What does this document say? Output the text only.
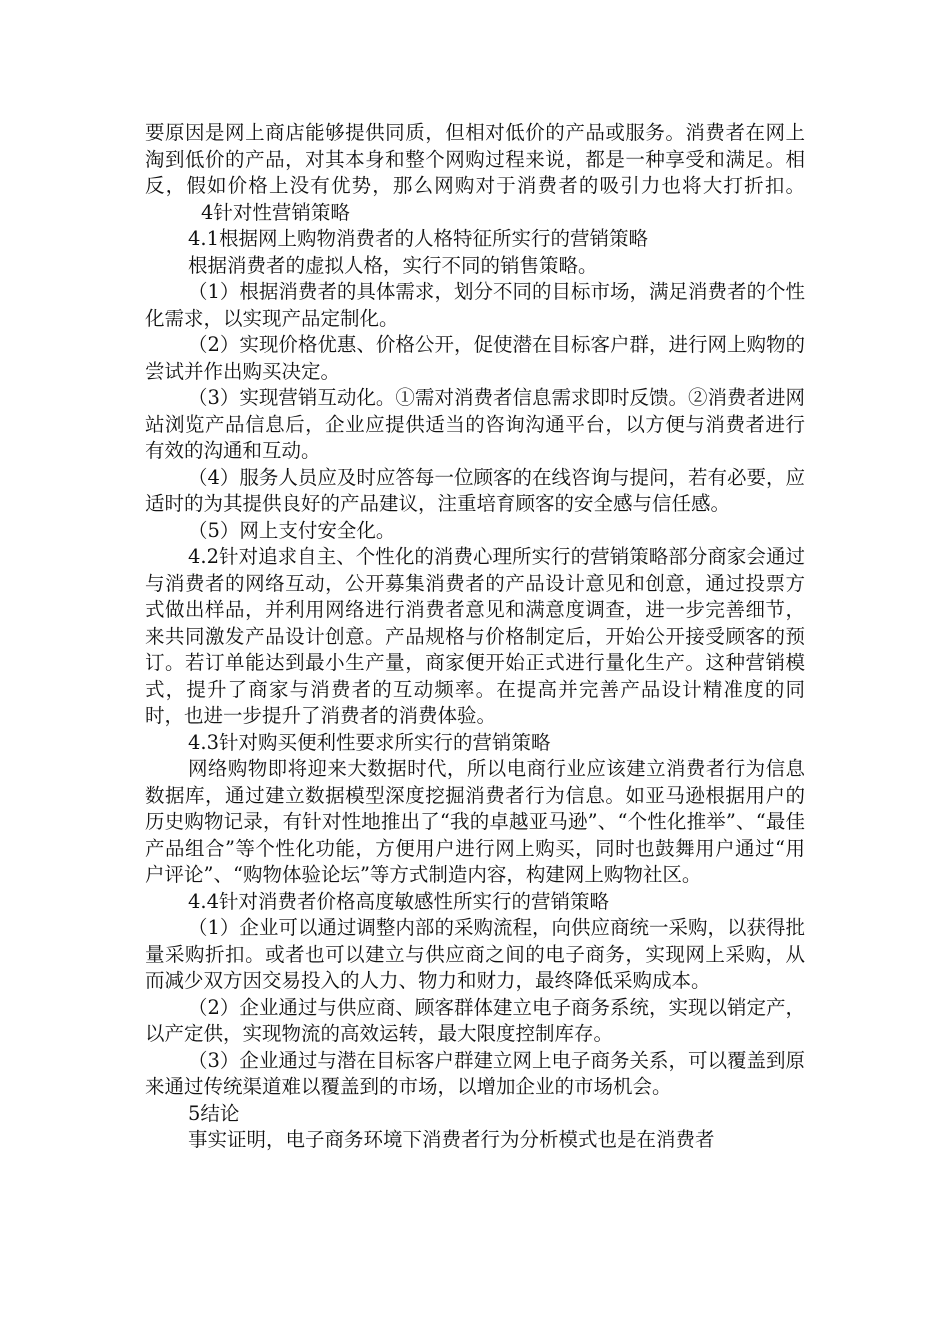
要原因是网上商店能够提供同质，但相对低价的产品或服务。消费者在网上淘到低价的产品，对其本身和整个网购过程来说，都是一种享受和满足。相反，假如价格上没有优势，那么网购对于消费者的吸引力也将大打折扣。4针对性营销策略

4.1根据网上购物消费者的人格特征所实行的营销策略

根据消费者的虚拟人格，实行不同的销售策略。

（1）根据消费者的具体需求，划分不同的目标市场，满足消费者的个性化需求，以实现产品定制化。

（2）实现价格优惠、价格公开，促使潜在目标客户群，进行网上购物的尝试并作出购买决定。

（3）实现营销互动化。①需对消费者信息需求即时反馈。②消费者进网站浏览产品信息后，企业应提供适当的咨询沟通平台，以方便与消费者进行有效的沟通和互动。

（4）服务人员应及时应答每一位顾客的在线咨询与提问，若有必要，应适时的为其提供良好的产品建议，注重培育顾客的安全感与信任感。

（5）网上支付安全化。

4.2针对追求自主、个性化的消费心理所实行的营销策略部分商家会通过与消费者的网络互动，公开募集消费者的产品设计意见和创意，通过投票方式做出样品，并利用网络进行消费者意见和满意度调查，进一步完善细节，来共同激发产品设计创意。产品规格与价格制定后，开始公开接受顾客的预订。若订单能达到最小生产量，商家便开始正式进行量化生产。这种营销模式，提升了商家与消费者的互动频率。在提高并完善产品设计精准度的同时，也进一步提升了消费者的消费体验。

4.3针对购买便利性要求所实行的营销策略

网络购物即将迎来大数据时代，所以电商行业应该建立消费者行为信息数据库，通过建立数据模型深度挖掘消费者行为信息。如亚马逊根据用户的历史购物记录，有针对性地推出了“我的卓越亚马逊”、“个性化推举”、“最佳产品组合”等个性化功能，方便用户进行网上购买，同时也鼓舞用户通过“用户评论”、“购物体验论坛”等方式制造内容，构建网上购物社区。

4.4针对消费者价格高度敏感性所实行的营销策略

（1）企业可以通过调整内部的采购流程，向供应商统一采购，以获得批量采购折扣。或者也可以建立与供应商之间的电子商务，实现网上采购，从而减少双方因交易投入的人力、物力和财力，最终降低采购成本。

（2）企业通过与供应商、顾客群体建立电子商务系统，实现以销定产，以产定供，实现物流的高效运转，最大限度控制库存。

（3）企业通过与潜在目标客户群建立网上电子商务关系，可以覆盖到原来通过传统渠道难以覆盖到的市场，以增加企业的市场机会。

5结论

事实证明，电子商务环境下消费者行为分析模式也是在消费者
